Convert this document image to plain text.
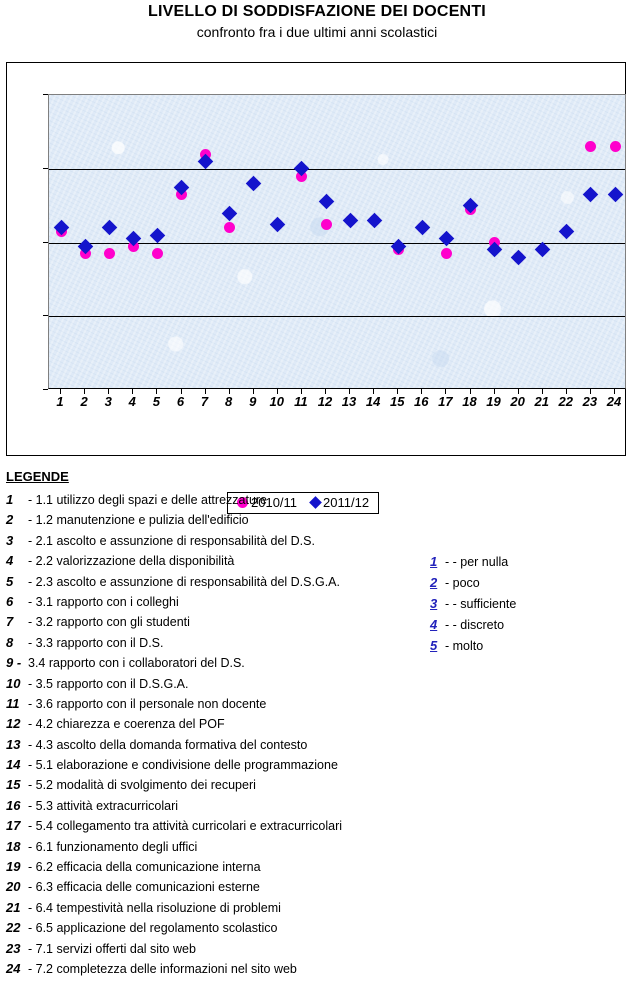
LIVELLO DI SODDISFAZIONE DEI DOCENTI
confronto fra i due ultimi anni scolastici
1	2	3	4	5	6	7	8	9	10 11 12 13 14 15 16 17 18 19 20 21 22 23 24
2010/11 2011/12
LEGENDE
1	- 1.1 utilizzo degli spazi e delle attrezzature
2	- 1.2 manutenzione e pulizia dell'edificio
3	- 2.1 ascolto e assunzione di responsabilità del D.S.
4	- 2.2 valorizzazione della disponibilità
5	- 2.3 ascolto e assunzione di responsabilità del D.S.G.A.
6	- 3.1 rapporto con i colleghi
7	- 3.2 rapporto con gli studenti
8	- 3.3 rapporto con il D.S.
9 - 3.4 rapporto con i collaboratori del D.S.
10 - 3.5 rapporto con il D.S.G.A.
11 - 3.6 rapporto con il personale non docente
12 - 4.2 chiarezza e coerenza del POF
13 - 4.3 ascolto della domanda formativa del contesto
14 - 5.1 elaborazione e condivisione delle programmazione
15 - 5.2 modalità di svolgimento dei recuperi
16 - 5.3 attività extracurricolari
17 - 5.4 collegamento tra attività curricolari e extracurricolari
18 - 6.1 funzionamento degli uffici
19 - 6.2 efficacia della comunicazione interna
20 - 6.3 efficacia delle comunicazioni esterne
21 - 6.4 tempestività nella risoluzione di problemi
22 - 6.5 applicazione del regolamento scolastico
23 - 7.1 servizi offerti dal sito web
24 - 7.2 completezza delle informazioni nel sito web
1 - - per nulla
2 - poco
3 - - sufficiente
4 - - discreto
5 - molto
